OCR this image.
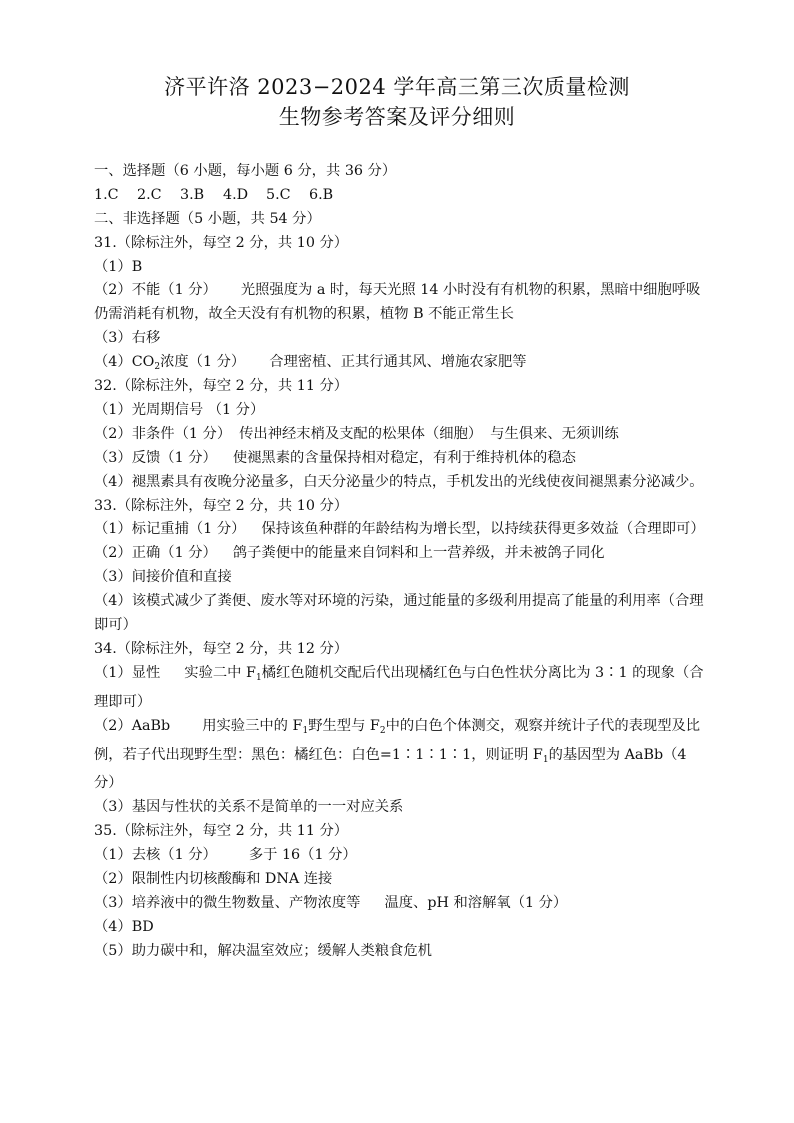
济平许洛 2023−2024 学年高三第三次质量检测
生物参考答案及评分细则
一、选择题（6 小题，每小题 6 分，共 36 分）
1.C 2.C 3.B 4.D 5.C 6.B
二、非选择题（5 小题，共 54 分）
31.（除标注外，每空 2 分，共 10 分）
（1）B
（2）不能（1 分） 光照强度为 a 时，每天光照 14 小时没有有机物的积累，黑暗中细胞呼吸仍需消耗有机物，故全天没有有机物的积累，植物 B 不能正常生长
（3）右移
$(4)CO_2$浓度（1 分） 合理密植、正其行通其风、增施农家肥等
32.（除标注外，每空 2 分，共 11 分）
（1）光周期信号 （1 分）
（2）非条件（1 分） 传出神经末梢及支配的松果体（细胞） 与生俱来、无须训练
（3）反馈（1 分） 使褪黑素的含量保持相对稳定，有利于维持机体的稳态
（4）褪黑素具有夜晚分泌量多，白天分泌量少的特点，手机发出的光线使夜间褪黑素分泌减少。
33.（除标注外，每空 2 分，共 10 分）
（1）标记重捕（1 分） 保持该鱼种群的年龄结构为增长型，以持续获得更多效益（合理即可）
（2）正确（1 分） 鸽子粪便中的能量来自饲料和上一营养级，并未被鸽子同化
（3）间接价值和直接
（4）该模式减少了粪便、废水等对环境的污染，通过能量的多级利用提高了能量的利用率（合理即可）
34.（除标注外，每空 2 分，共 12 分）
（1）显性 实验二中 $F_1$橘红色随机交配后代出现橘红色与白色性状分离比为 3∶1 的现象（合理即可）
（2）AaBb 用实验三中的 $F_1$野生型与 $F_2$中的白色个体测交，观察并统计子代的表现型及比例，若子代出现野生型：黑色：橘红色：白色=1∶1∶1∶1，则证明 $F_1$的基因型为 AaBb（4 分）
（3）基因与性状的关系不是简单的一一对应关系
35.（除标注外，每空 2 分，共 11 分）
（1）去核（1 分） 多于 16（1 分）
（2）限制性内切核酸酶和 DNA 连接
（3）培养液中的微生物数量、产物浓度等 温度、pH 和溶解氧（1 分）
（4）BD
（5）助力碳中和，解决温室效应；缓解人类粮食危机
